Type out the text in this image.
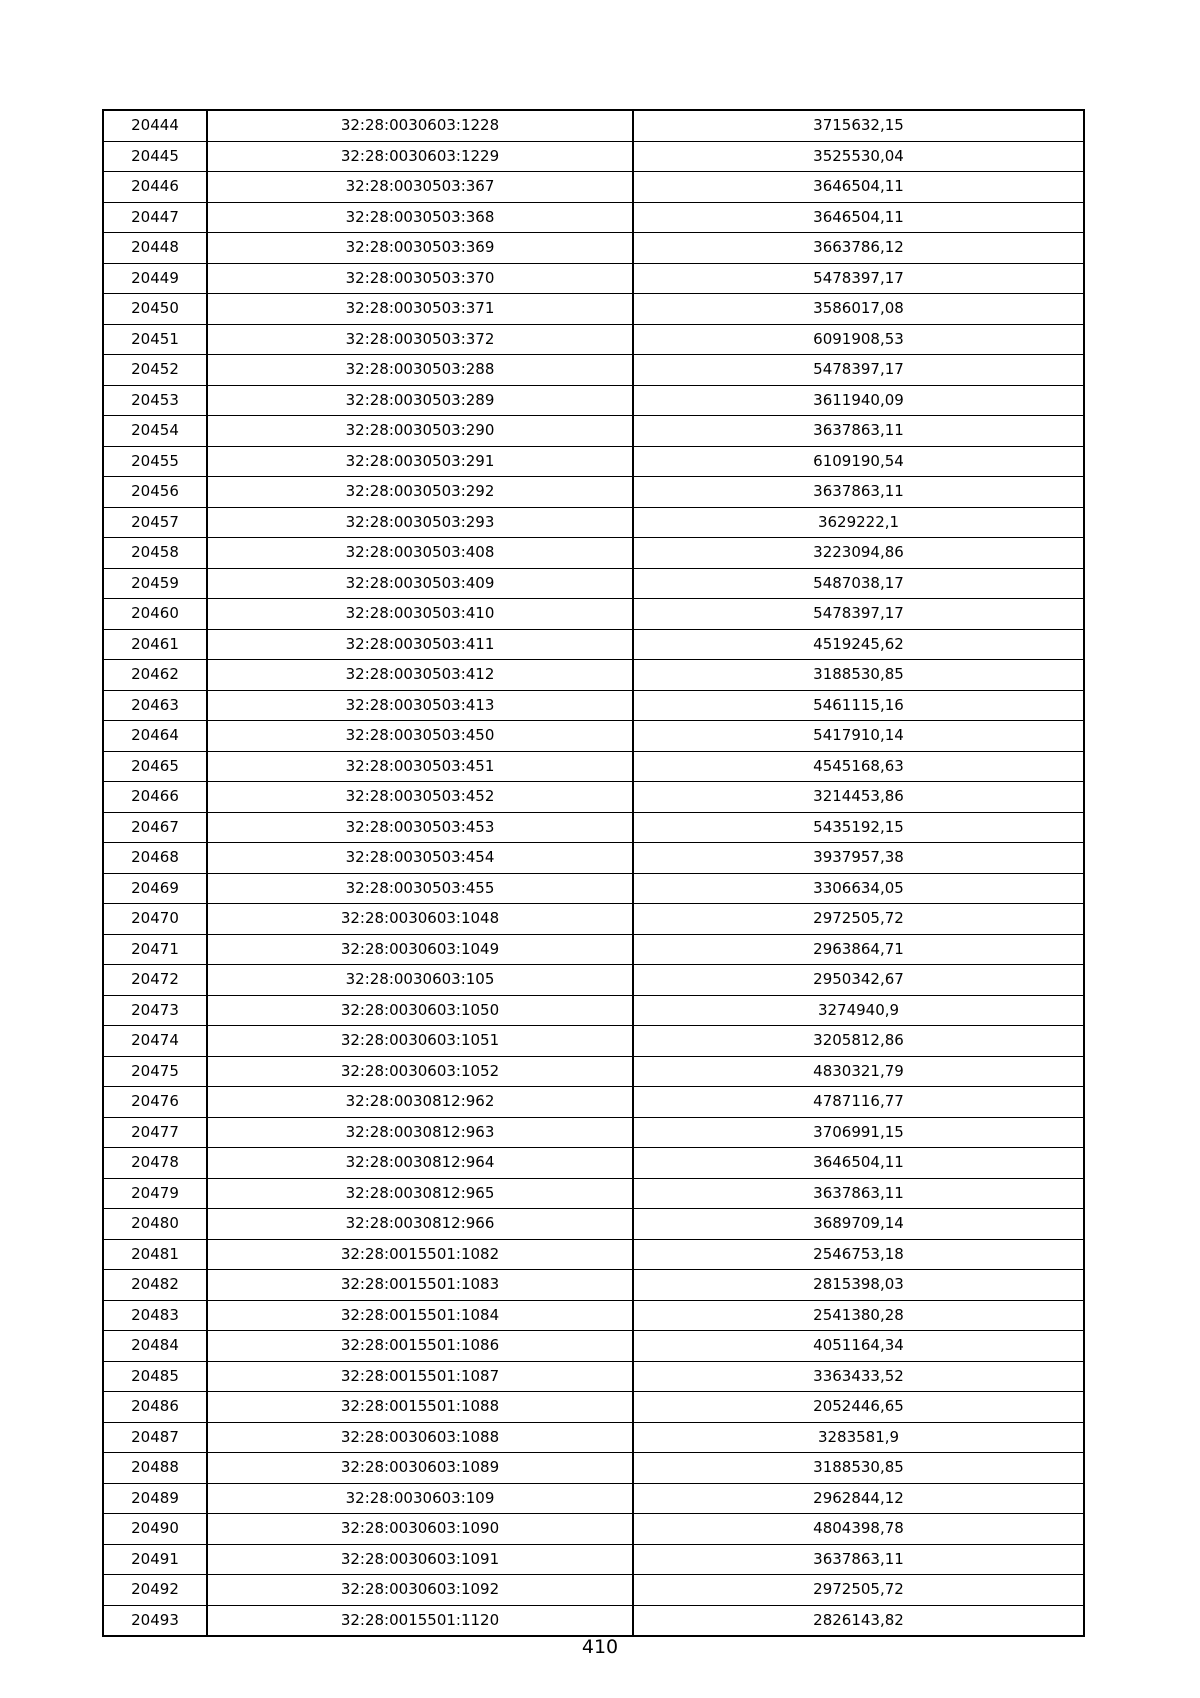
20444	32:28:0030603:1228	3715632,15
20445	32:28:0030603:1229	3525530,04
20446	32:28:0030503:367	3646504,11
20447	32:28:0030503:368	3646504,11
20448	32:28:0030503:369	3663786,12
20449	32:28:0030503:370	5478397,17
20450	32:28:0030503:371	3586017,08
20451	32:28:0030503:372	6091908,53
20452	32:28:0030503:288	5478397,17
20453	32:28:0030503:289	3611940,09
20454	32:28:0030503:290	3637863,11
20455	32:28:0030503:291	6109190,54
20456	32:28:0030503:292	3637863,11
20457	32:28:0030503:293	3629222,1
20458	32:28:0030503:408	3223094,86
20459	32:28:0030503:409	5487038,17
20460	32:28:0030503:410	5478397,17
20461	32:28:0030503:411	4519245,62
20462	32:28:0030503:412	3188530,85
20463	32:28:0030503:413	5461115,16
20464	32:28:0030503:450	5417910,14
20465	32:28:0030503:451	4545168,63
20466	32:28:0030503:452	3214453,86
20467	32:28:0030503:453	5435192,15
20468	32:28:0030503:454	3937957,38
20469	32:28:0030503:455	3306634,05
20470	32:28:0030603:1048	2972505,72
20471	32:28:0030603:1049	2963864,71
20472	32:28:0030603:105	2950342,67
20473	32:28:0030603:1050	3274940,9
20474	32:28:0030603:1051	3205812,86
20475	32:28:0030603:1052	4830321,79
20476	32:28:0030812:962	4787116,77
20477	32:28:0030812:963	3706991,15
20478	32:28:0030812:964	3646504,11
20479	32:28:0030812:965	3637863,11
20480	32:28:0030812:966	3689709,14
20481	32:28:0015501:1082	2546753,18
20482	32:28:0015501:1083	2815398,03
20483	32:28:0015501:1084	2541380,28
20484	32:28:0015501:1086	4051164,34
20485	32:28:0015501:1087	3363433,52
20486	32:28:0015501:1088	2052446,65
20487	32:28:0030603:1088	3283581,9
20488	32:28:0030603:1089	3188530,85
20489	32:28:0030603:109	2962844,12
20490	32:28:0030603:1090	4804398,78
20491	32:28:0030603:1091	3637863,11
20492	32:28:0030603:1092	2972505,72
20493	32:28:0015501:1120	2826143,82
410
